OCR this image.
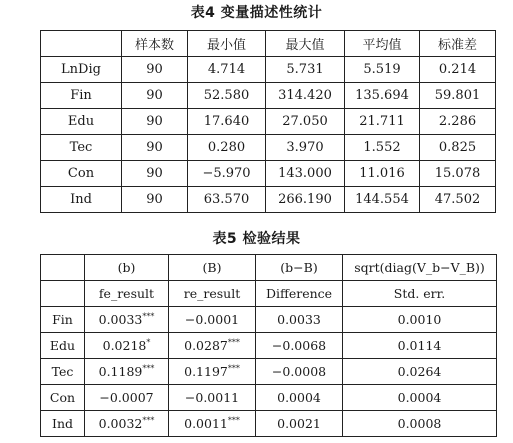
表4 变量描述性统计
	样本数	最小值	最大值	平均值	标准差
LnDig	90	4.714	5.731	5.519	0.214
Fin	90	52.580	314.420	135.694	59.801
Edu	90	17.640	27.050	21.711	2.286
Tec	90	0.280	3.970	1.552	0.825
Con	90	−5.970	143.000	11.016	15.078
Ind	90	63.570	266.190	144.554	47.502
表5 检验结果
	(b)	(B)	(b−B)	sqrt(diag(V_b−V_B))
	fe_result	re_result	Difference	Std. err.
Fin	0.0033***	−0.0001	0.0033	0.0010
Edu	0.0218*	0.0287***	−0.0068	0.0114
Tec	0.1189***	0.1197***	−0.0008	0.0264
Con	−0.0007	−0.0011	0.0004	0.0004
Ind	0.0032***	0.0011***	0.0021	0.0008
